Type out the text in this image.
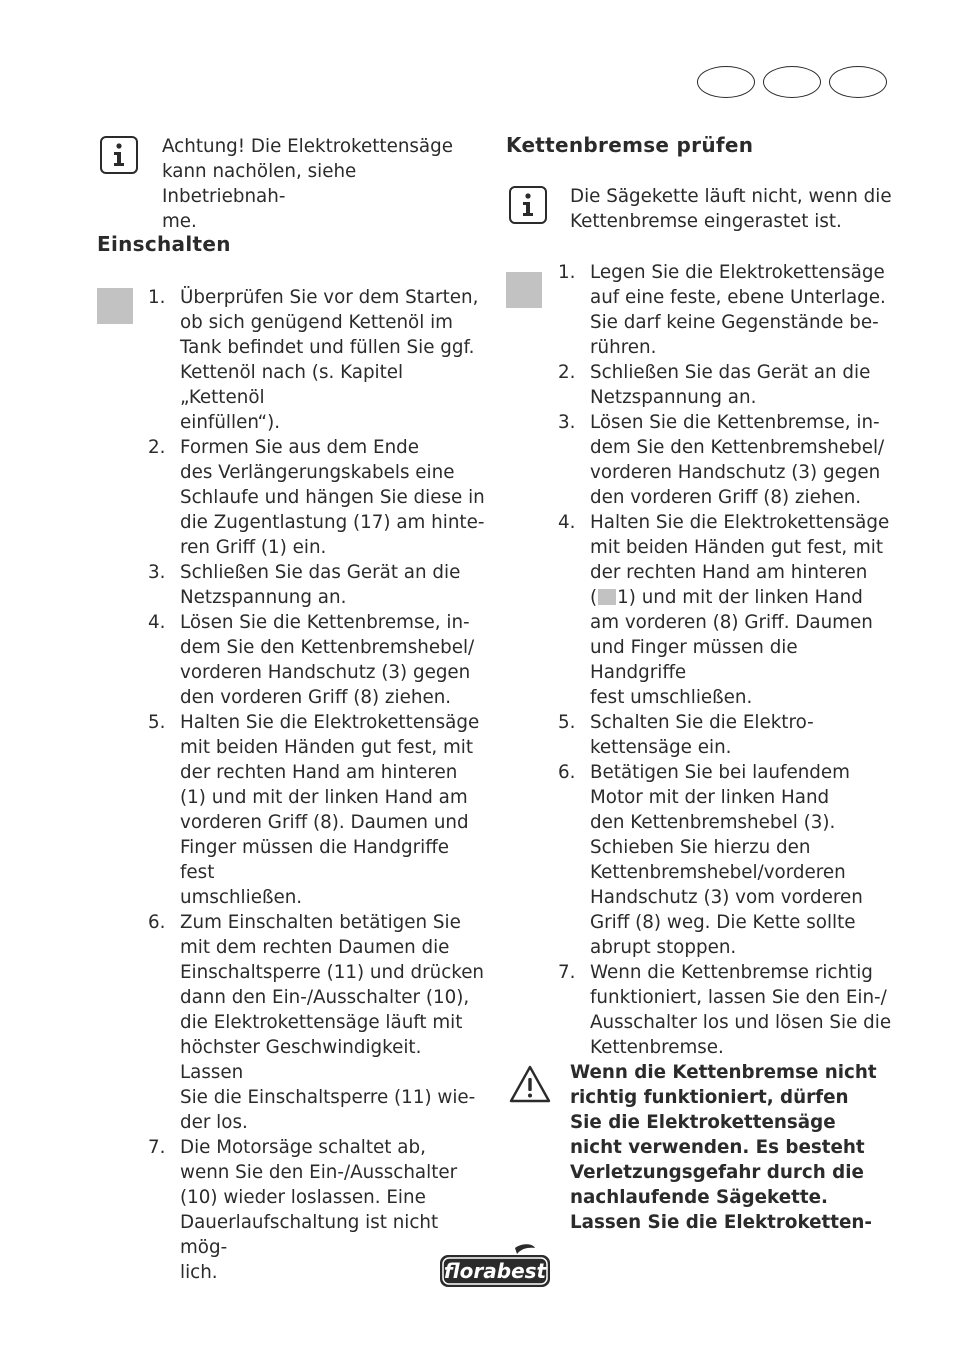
Achtung! Die Elektrokettensäge
kann nachölen, siehe Inbetriebnah-
me.

Einschalten
1. Überprüfen Sie vor dem Starten,
ob sich genügend Kettenöl im
Tank befindet und füllen Sie ggf.
Kettenöl nach (s. Kapitel „Kettenöl
einfüllen“).
2. Formen Sie aus dem Ende
des Verlängerungskabels eine
Schlaufe und hängen Sie diese in
die Zugentlastung (17) am hinte-
ren Griff (1) ein.
3. Schließen Sie das Gerät an die
Netzspannung an.
4. Lösen Sie die Kettenbremse, in-
dem Sie den Kettenbremshebel/
vorderen Handschutz (3) gegen
den vorderen Griff (8) ziehen.
5. Halten Sie die Elektrokettensäge
mit beiden Händen gut fest, mit
der rechten Hand am hinteren
(1) und mit der linken Hand am
vorderen Griff (8). Daumen und
Finger müssen die Handgriffe fest
umschließen.
6. Zum Einschalten betätigen Sie
mit dem rechten Daumen die
Einschaltsperre (11) und drücken
dann den Ein-/Ausschalter (10),
die Elektrokettensäge läuft mit
höchster Geschwindigkeit. Lassen
Sie die Einschaltsperre (11) wie-
der los.
7. Die Motorsäge schaltet ab,
wenn Sie den Ein-/Ausschalter
(10) wieder loslassen. Eine
Dauerlaufschaltung ist nicht mög-
lich.
Kettenbremse prüfen

Die Sägekette läuft nicht, wenn die
Kettenbremse eingerastet ist.

1. Legen Sie die Elektrokettensäge
auf eine feste, ebene Unterlage.
Sie darf keine Gegenstände be-
rühren.
2. Schließen Sie das Gerät an die
Netzspannung an.
3. Lösen Sie die Kettenbremse, in-
dem Sie den Kettenbremshebel/
vorderen Handschutz (3) gegen
den vorderen Griff (8) ziehen.
4. Halten Sie die Elektrokettensäge
mit beiden Händen gut fest, mit
der rechten Hand am hinteren
( 1) und mit der linken Hand
am vorderen (8) Griff. Daumen
und Finger müssen die Handgriffe
fest umschließen.
5. Schalten Sie die Elektro-
kettensäge ein.
6. Betätigen Sie bei laufendem
Motor mit der linken Hand
den Kettenbremshebel (3).
Schieben Sie hierzu den
Kettenbremshebel/vorderen
Handschutz (3) vom vorderen
Griff (8) weg. Die Kette sollte
abrupt stoppen.
7. Wenn die Kettenbremse richtig
funktioniert, lassen Sie den Ein-/
Ausschalter los und lösen Sie die
Kettenbremse.

Wenn die Kettenbremse nicht
richtig funktioniert, dürfen
Sie die Elektrokettensäge
nicht verwenden. Es besteht
Verletzungsgefahr durch die
nachlaufende Sägekette.
Lassen Sie die Elektroketten-

florabest
